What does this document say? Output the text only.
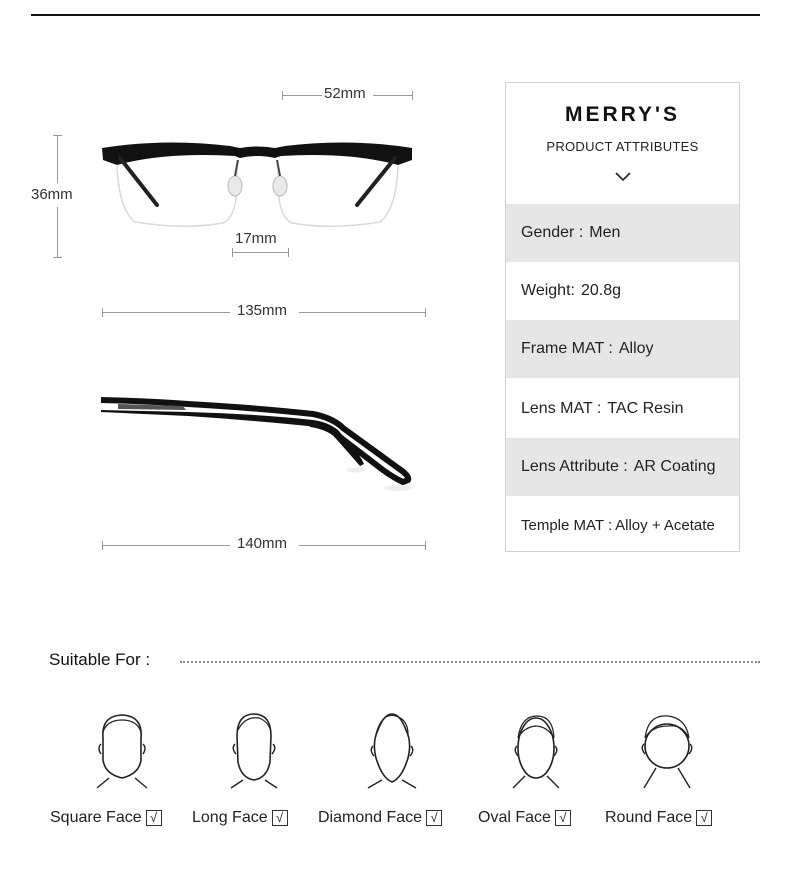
52mm
36mm
17mm
135mm
140mm
MERRY'S
PRODUCT ATTRIBUTES
Gender : Men
Weight: 20.8g
Frame MAT : Alloy
Lens MAT : TAC Resin
Lens Attribute : AR Coating
Temple MAT : Alloy + Acetate
Suitable For :
Square Face √ Long Face √ Diamond Face √	Oval Face √ Round Face √
